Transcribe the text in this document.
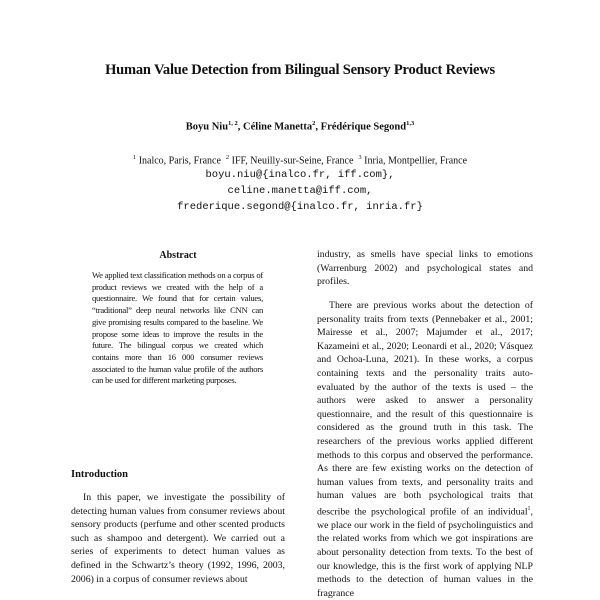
Human Value Detection from Bilingual Sensory Product Reviews
Boyu Niu$^{1, 2}$, Céline Manetta$^2$, Frédérique Segond$^{1,3}$
$^1$ Inalco, Paris, France  $^2$ IFF, Neuilly-sur-Seine, France  $^3$ Inria, Montpellier, France
boyu.niu@{inalco.fr, iff.com},
celine.manetta@iff.com,
frederique.segond@{inalco.fr, inria.fr}
Abstract
We applied text classification methods on a corpus of product reviews we created with the help of a questionnaire. We found that for certain values, “traditional” deep neural networks like CNN can give promising results compared to the baseline. We propose some ideas to improve the results in the future. The bilingual corpus we created which contains more than 16 000 consumer reviews associated to the human value profile of the authors can be used for different marketing purposes.
Introduction

In this paper, we investigate the possibility of detecting human values from consumer reviews about sensory products (perfume and other scented products such as shampoo and detergent). We carried out a series of experiments to detect human values as defined in the Schwartz’s theory (1992, 1996, 2003, 2006) in a corpus of consumer reviews about

industry, as smells have special links to emotions (Warrenburg 2002) and psychological states and profiles.

There are previous works about the detection of personality traits from texts (Pennebaker et al., 2001; Mairesse et al., 2007; Majumder et al., 2017; Kazameini et al., 2020; Leonardi et al., 2020; Vásquez and Ochoa-Luna, 2021). In these works, a corpus containing texts and the personality traits auto-evaluated by the author of the texts is used – the authors were asked to answer a personality questionnaire, and the result of this questionnaire is considered as the ground truth in this task. The researchers of the previous works applied different methods to this corpus and observed the performance. As there are few existing works on the detection of human values from texts, and personality traits and human values are both psychological traits that describe the psychological profile of an individual$^1$, we place our work in the field of psycholinguistics and the related works from which we got inspirations are about personality detection from texts. To the best of our knowledge, this is the first work of applying NLP methods to the detection of human values in the fragrance
